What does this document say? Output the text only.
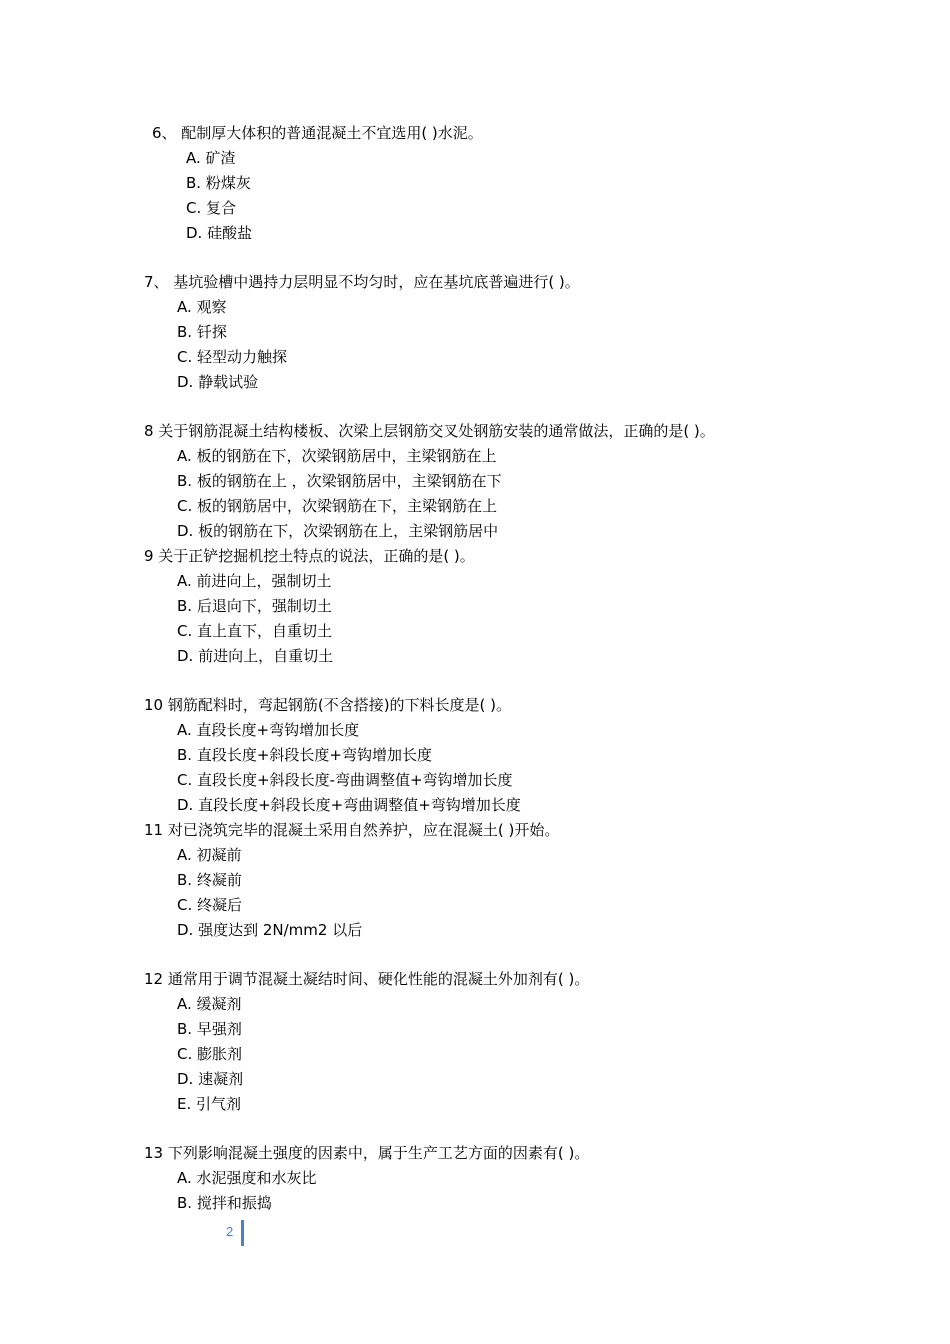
6、 配制厚大体积的普通混凝土不宜选用( )水泥。
A. 矿渣
B. 粉煤灰
C. 复合
D. 硅酸盐
7、 基坑验槽中遇持力层明显不均匀时，应在基坑底普遍进行( )。
A. 观察
B. 钎探
C. 轻型动力触探
D. 静载试验
8 关于钢筋混凝土结构楼板、次梁上层钢筋交叉处钢筋安装的通常做法，正确的是( )。
A. 板的钢筋在下，次梁钢筋居中，主梁钢筋在上
B. 板的钢筋在上 ，次梁钢筋居中，主梁钢筋在下
C. 板的钢筋居中，次梁钢筋在下，主梁钢筋在上
D. 板的钢筋在下，次梁钢筋在上，主梁钢筋居中
9 关于正铲挖掘机挖土特点的说法，正确的是( )。
A. 前进向上，强制切土
B. 后退向下，强制切土
C. 直上直下，自重切土
D. 前进向上，自重切土
10 钢筋配料时，弯起钢筋(不含搭接)的下料长度是( )。
A. 直段长度+弯钩增加长度
B. 直段长度+斜段长度+弯钩增加长度
C. 直段长度+斜段长度-弯曲调整值+弯钩增加长度
D. 直段长度+斜段长度+弯曲调整值+弯钩增加长度
11 对已浇筑完毕的混凝土采用自然养护，应在混凝土( )开始。
A. 初凝前
B. 终凝前
C. 终凝后
D. 强度达到 2N/mm2 以后
12 通常用于调节混凝土凝结时间、硬化性能的混凝土外加剂有( )。
A. 缓凝剂
B. 早强剂
C. 膨胀剂
D. 速凝剂
E. 引气剂
13 下列影响混凝土强度的因素中，属于生产工艺方面的因素有( )。
A. 水泥强度和水灰比
B. 搅拌和振捣
2
